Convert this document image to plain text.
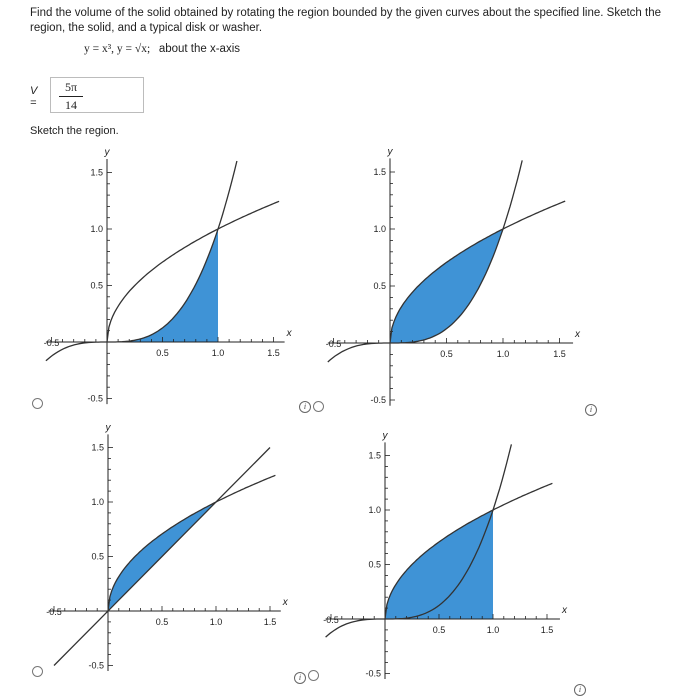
Find the volume of the solid obtained by rotating the region bounded by the given curves about the specified line. Sketch the region, the solid, and a typical disk or washer.
y = x³, y = √x; about the x-axis
$V = \frac{5\pi}{14}$
Sketch the region.
0.5	1.0	1.5
1.5
1.0
0.5
-0.5
-0.5
x
y
0.5	1.0	1.5
1.5
1.0
0.5
-0.5
-0.5
x
y
0.5	1.0	1.5
1.5
1.0
0.5
-0.5
-0.5
x
y
0.5	1.0	1.5
1.5
1.0
0.5
-0.5
-0.5
x
y
i	i
i
i
